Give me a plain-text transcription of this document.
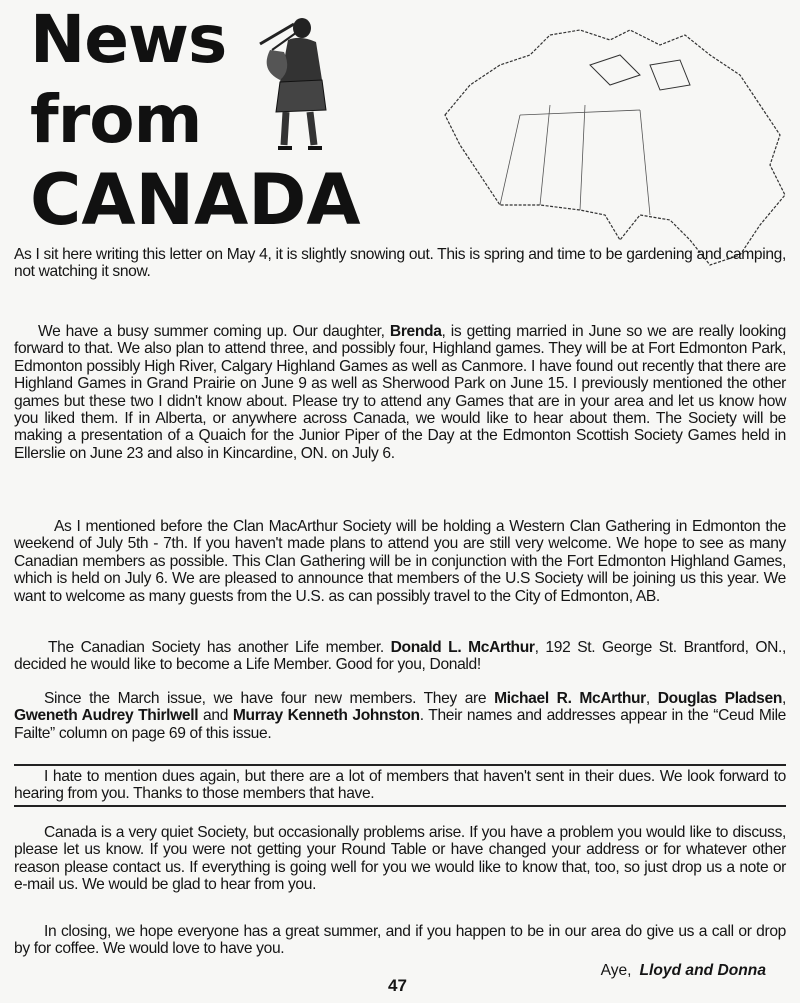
News
from
CANADA

As I sit here writing this letter on May 4, it is slightly snowing out. This is spring and time to be gardening and camping, not watching it snow.

We have a busy summer coming up. Our daughter, Brenda, is getting married in June so we are really looking forward to that. We also plan to attend three, and possibly four, Highland games. They will be at Fort Edmonton Park, Edmonton possibly High River, Calgary Highland Games as well as Canmore. I have found out recently that there are Highland Games in Grand Prairie on June 9 as well as Sherwood Park on June 15. I previously mentioned the other games but these two I didn't know about. Please try to attend any Games that are in your area and let us know how you liked them. If in Alberta, or anywhere across Canada, we would like to hear about them. The Society will be making a presentation of a Quaich for the Junior Piper of the Day at the Edmonton Scottish Society Games held in Ellerslie on June 23 and also in Kincardine, ON. on July 6.

As I mentioned before the Clan MacArthur Society will be holding a Western Clan Gathering in Edmonton the weekend of July 5th - 7th. If you haven't made plans to attend you are still very welcome. We hope to see as many Canadian members as possible. This Clan Gathering will be in conjunction with the Fort Edmonton Highland Games, which is held on July 6. We are pleased to announce that members of the U.S Society will be joining us this year. We want to welcome as many guests from the U.S. as can possibly travel to the City of Edmonton, AB.

The Canadian Society has another Life member. Donald L. McArthur, 192 St. George St. Brantford, ON., decided he would like to become a Life Member. Good for you, Donald!

Since the March issue, we have four new members. They are Michael R. McArthur, Douglas Pladsen, Gweneth Audrey Thirlwell and Murray Kenneth Johnston. Their names and addresses appear in the “Ceud Mile Failte” column on page 69 of this issue.

I hate to mention dues again, but there are a lot of members that haven't sent in their dues. We look forward to hearing from you. Thanks to those members that have.

Canada is a very quiet Society, but occasionally problems arise. If you have a problem you would like to discuss, please let us know. If you were not getting your Round Table or have changed your address or for whatever other reason please contact us. If everything is going well for you we would like to know that, too, so just drop us a note or e-mail us. We would be glad to hear from you.

In closing, we hope everyone has a great summer, and if you happen to be in our area do give us a call or drop by for coffee. We would love to have you.

Aye, Lloyd and Donna
47
